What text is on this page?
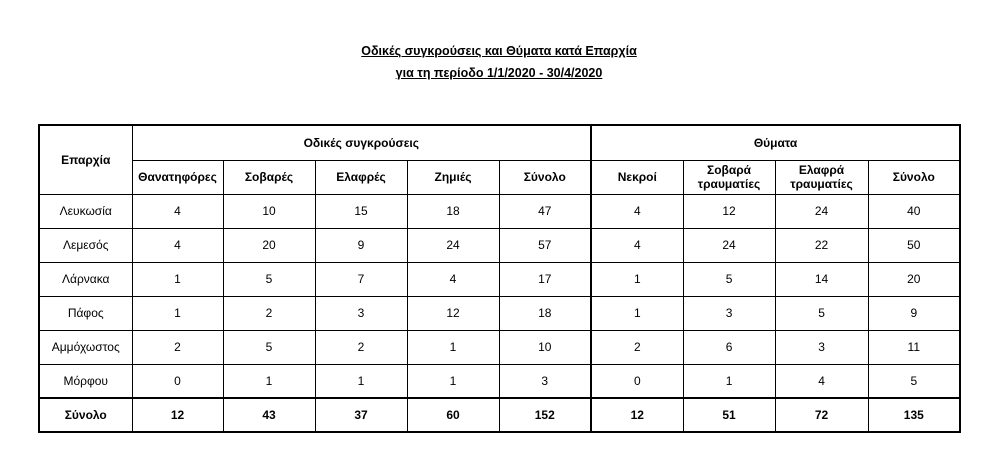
Οδικές συγκρούσεις και Θύματα κατά Επαρχία
για τη περίοδο 1/1/2020 - 30/4/2020
Επαρχία	Οδικές συγκρούσεις					Θύματα			
	Θανατηφόρες	Σοβαρές	Ελαφρές	Ζημιές	Σύνολο	Νεκροί	Σοβαρά τραυματίες	Ελαφρά τραυματίες	Σύνολο
Λευκωσία	4	10	15	18	47	4	12	24	40
Λεμεσός	4	20	9	24	57	4	24	22	50
Λάρνακα	1	5	7	4	17	1	5	14	20
Πάφος	1	2	3	12	18	1	3	5	9
Αμμόχωστος	2	5	2	1	10	2	6	3	11
Μόρφου	0	1	1	1	3	0	1	4	5
Σύνολο	12	43	37	60	152	12	51	72	135
